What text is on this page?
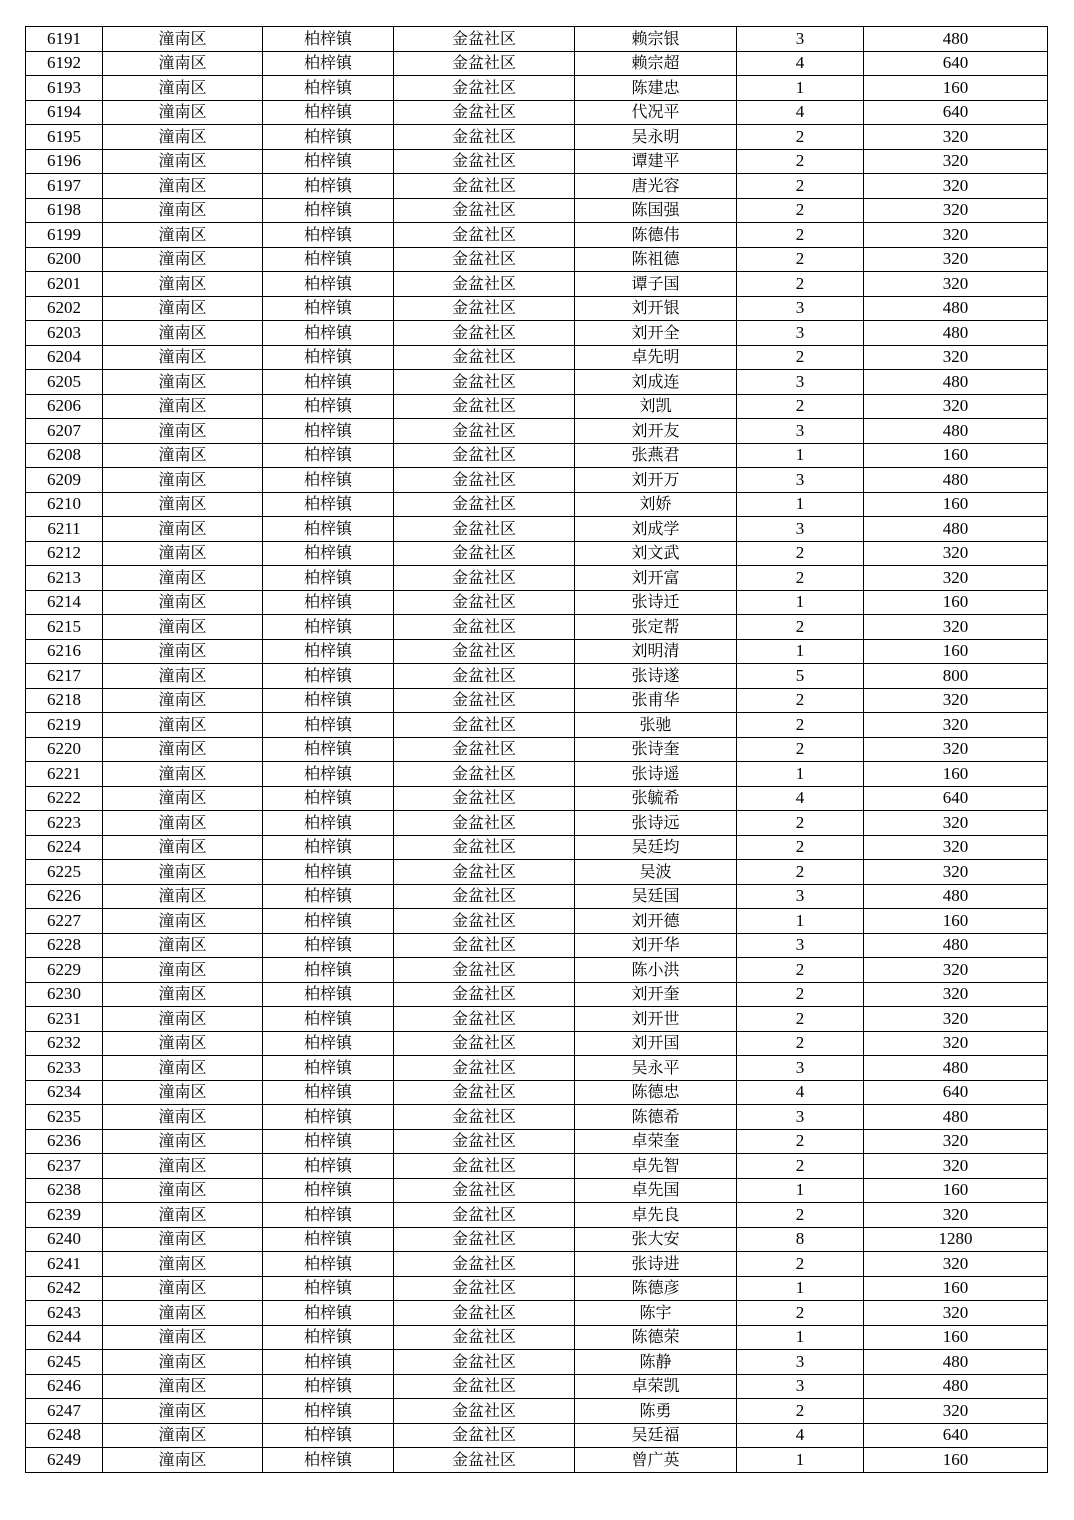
6191	潼南区	柏梓镇	金盆社区	赖宗银	3	480
6192	潼南区	柏梓镇	金盆社区	赖宗超	4	640
6193	潼南区	柏梓镇	金盆社区	陈建忠	1	160
6194	潼南区	柏梓镇	金盆社区	代况平	4	640
6195	潼南区	柏梓镇	金盆社区	吴永明	2	320
6196	潼南区	柏梓镇	金盆社区	谭建平	2	320
6197	潼南区	柏梓镇	金盆社区	唐光容	2	320
6198	潼南区	柏梓镇	金盆社区	陈国强	2	320
6199	潼南区	柏梓镇	金盆社区	陈德伟	2	320
6200	潼南区	柏梓镇	金盆社区	陈祖德	2	320
6201	潼南区	柏梓镇	金盆社区	谭子国	2	320
6202	潼南区	柏梓镇	金盆社区	刘开银	3	480
6203	潼南区	柏梓镇	金盆社区	刘开全	3	480
6204	潼南区	柏梓镇	金盆社区	卓先明	2	320
6205	潼南区	柏梓镇	金盆社区	刘成连	3	480
6206	潼南区	柏梓镇	金盆社区	刘凯	2	320
6207	潼南区	柏梓镇	金盆社区	刘开友	3	480
6208	潼南区	柏梓镇	金盆社区	张燕君	1	160
6209	潼南区	柏梓镇	金盆社区	刘开万	3	480
6210	潼南区	柏梓镇	金盆社区	刘娇	1	160
6211	潼南区	柏梓镇	金盆社区	刘成学	3	480
6212	潼南区	柏梓镇	金盆社区	刘文武	2	320
6213	潼南区	柏梓镇	金盆社区	刘开富	2	320
6214	潼南区	柏梓镇	金盆社区	张诗迁	1	160
6215	潼南区	柏梓镇	金盆社区	张定帮	2	320
6216	潼南区	柏梓镇	金盆社区	刘明清	1	160
6217	潼南区	柏梓镇	金盆社区	张诗遂	5	800
6218	潼南区	柏梓镇	金盆社区	张甫华	2	320
6219	潼南区	柏梓镇	金盆社区	张驰	2	320
6220	潼南区	柏梓镇	金盆社区	张诗奎	2	320
6221	潼南区	柏梓镇	金盆社区	张诗遥	1	160
6222	潼南区	柏梓镇	金盆社区	张毓希	4	640
6223	潼南区	柏梓镇	金盆社区	张诗远	2	320
6224	潼南区	柏梓镇	金盆社区	吴廷均	2	320
6225	潼南区	柏梓镇	金盆社区	吴波	2	320
6226	潼南区	柏梓镇	金盆社区	吴廷国	3	480
6227	潼南区	柏梓镇	金盆社区	刘开德	1	160
6228	潼南区	柏梓镇	金盆社区	刘开华	3	480
6229	潼南区	柏梓镇	金盆社区	陈小洪	2	320
6230	潼南区	柏梓镇	金盆社区	刘开奎	2	320
6231	潼南区	柏梓镇	金盆社区	刘开世	2	320
6232	潼南区	柏梓镇	金盆社区	刘开国	2	320
6233	潼南区	柏梓镇	金盆社区	吴永平	3	480
6234	潼南区	柏梓镇	金盆社区	陈德忠	4	640
6235	潼南区	柏梓镇	金盆社区	陈德希	3	480
6236	潼南区	柏梓镇	金盆社区	卓荣奎	2	320
6237	潼南区	柏梓镇	金盆社区	卓先智	2	320
6238	潼南区	柏梓镇	金盆社区	卓先国	1	160
6239	潼南区	柏梓镇	金盆社区	卓先良	2	320
6240	潼南区	柏梓镇	金盆社区	张大安	8	1280
6241	潼南区	柏梓镇	金盆社区	张诗进	2	320
6242	潼南区	柏梓镇	金盆社区	陈德彦	1	160
6243	潼南区	柏梓镇	金盆社区	陈宇	2	320
6244	潼南区	柏梓镇	金盆社区	陈德荣	1	160
6245	潼南区	柏梓镇	金盆社区	陈静	3	480
6246	潼南区	柏梓镇	金盆社区	卓荣凯	3	480
6247	潼南区	柏梓镇	金盆社区	陈勇	2	320
6248	潼南区	柏梓镇	金盆社区	吴廷福	4	640
6249	潼南区	柏梓镇	金盆社区	曾广英	1	160
